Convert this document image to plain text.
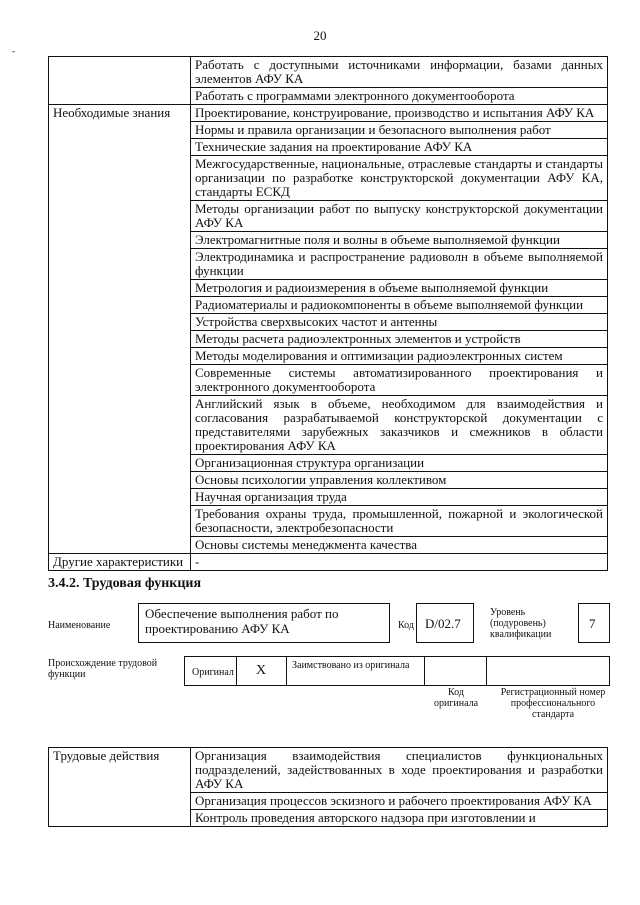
20
-
	Работать с доступными источниками информации, базами данных элементов АФУ КА
	Работать с программами электронного документооборота
Необходимые знания	Проектирование, конструирование, производство и испытания АФУ КА
	Нормы и правила организации и безопасного выполнения работ
	Технические задания на проектирование АФУ КА
	Межгосударственные, национальные, отраслевые стандарты и стандарты организации по разработке конструкторской документации АФУ КА, стандарты ЕСКД
	Методы организации работ по выпуску конструкторской документации АФУ КА
	Электромагнитные поля и волны в объеме выполняемой функции
	Электродинамика и распространение радиоволн в объеме выполняемой функции
	Метрология и радиоизмерения в объеме выполняемой функции
	Радиоматериалы и радиокомпоненты в объеме выполняемой функции
	Устройства сверхвысоких частот и антенны
	Методы расчета радиоэлектронных элементов и устройств
	Методы моделирования и оптимизации радиоэлектронных систем
	Современные системы автоматизированного проектирования и электронного документооборота
	Английский язык в объеме, необходимом для взаимодействия и согласования разрабатываемой конструкторской документации с представителями зарубежных заказчиков и смежников в области проектирования АФУ КА
	Организационная структура организации
	Основы психологии управления коллективом
	Научная организация труда
	Требования охраны труда, промышленной, пожарной и экологической безопасности, электробезопасности
	Основы системы менеджмента качества
Другие характеристики	-
3.4.2. Трудовая функция
Наименование
Обеспечение выполнения работ по проектированию АФУ КА	Код D/02.7
Уровень (подуровень) квалификации
7
Происхождение трудовой функции	Оригинал X	Заимствовано из оригинала
Код оригинала
Регистрационный номер профессионального стандарта
Трудовые действия	Организация взаимодействия специалистов функциональных подразделений, задействованных в ходе проектирования и разработки АФУ КА
Организация процессов эскизного и рабочего проектирования АФУ КА
Контроль проведения авторского надзора при изготовлении и
